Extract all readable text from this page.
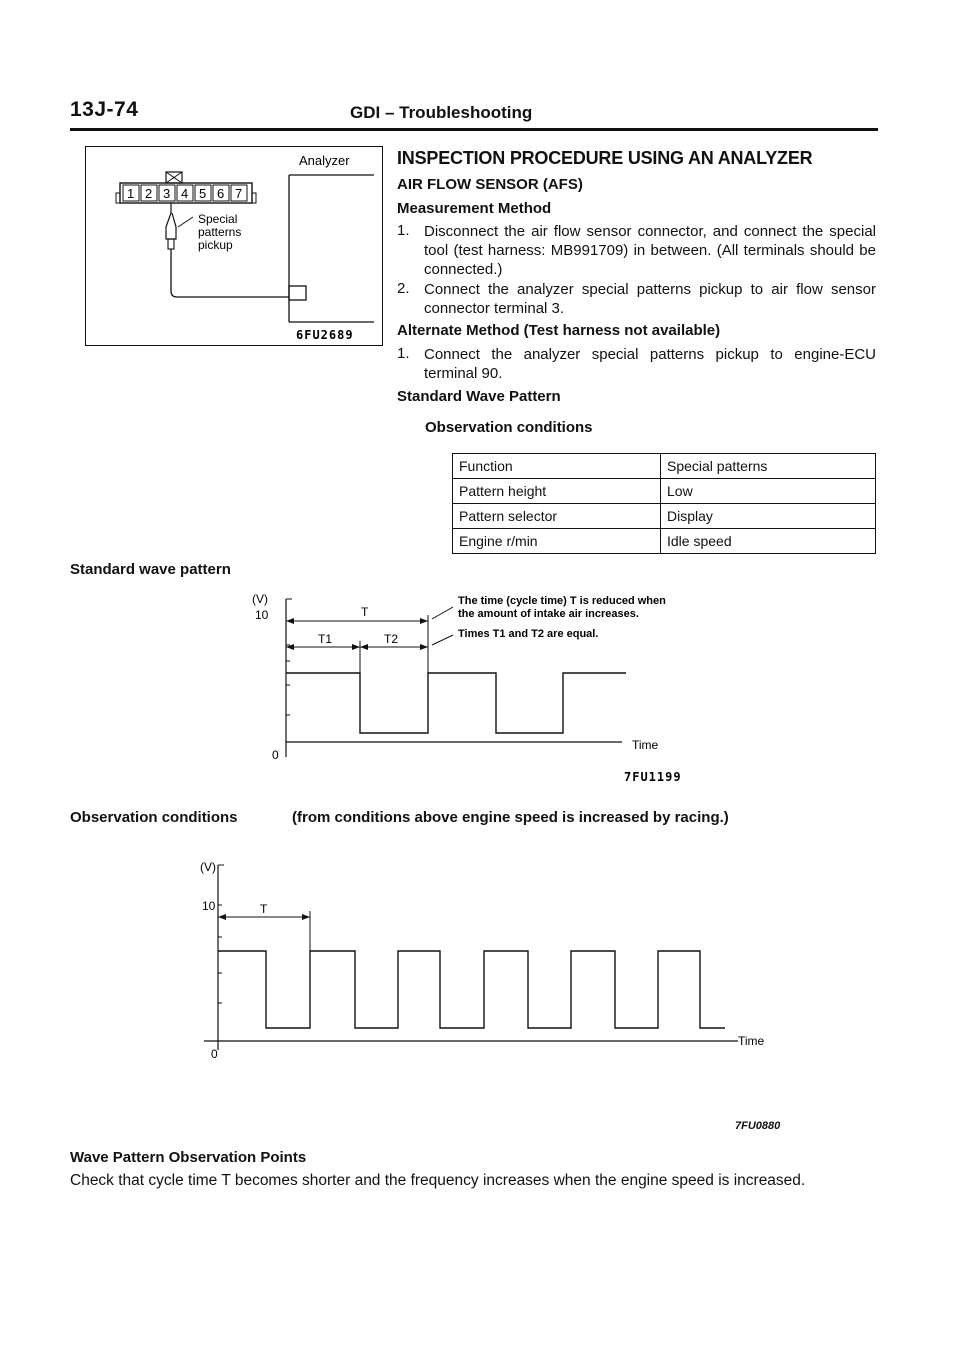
13J-74	GDI – Troubleshooting
Analyzer
1 2 3 4 5 6 7
Special
patterns
pickup
6FU2689
INSPECTION PROCEDURE USING AN ANALYZER
AIR FLOW SENSOR (AFS)
Measurement Method
1. Disconnect the air flow sensor connector, and connect the special tool (test harness: MB991709) in between. (All terminals should be connected.)
2. Connect the analyzer special patterns pickup to air flow sensor connector terminal 3.
Alternate Method (Test harness not available)
1. Connect the analyzer special patterns pickup to engine-ECU terminal 90.
Standard Wave Pattern
Observation conditions
Function	Special patterns
Pattern height	Low
Pattern selector	Display
Engine r/min	Idle speed
Standard wave pattern
(V)
10
0
Time
T
T1	T2
The time (cycle time) T is reduced when
the amount of intake air increases.
Times T1 and T2 are equal.
7FU1199
Observation conditions	(from conditions above engine speed is increased by racing.)
(V)
10
0
Time
T
7FU0880
Wave Pattern Observation Points
Check that cycle time T becomes shorter and the frequency increases when the engine speed is increased.
